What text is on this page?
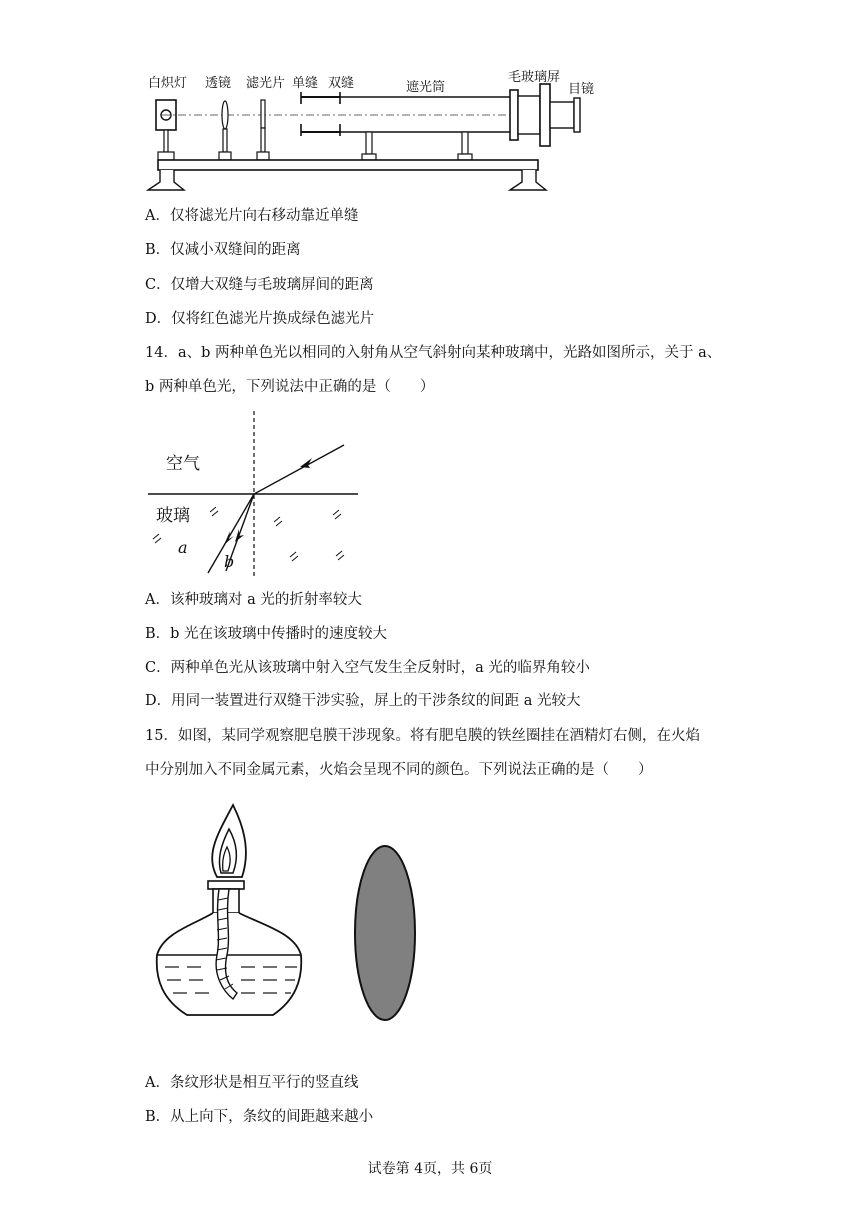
白炽灯 透镜 滤光片 单缝 双缝	遮光筒
毛玻璃屏
目镜
A．仅将滤光片向右移动靠近单缝
B．仅减小双缝间的距离
C．仅增大双缝与毛玻璃屏间的距离
D．仅将红色滤光片换成绿色滤光片
14．a、b 两种单色光以相同的入射角从空气斜射向某种玻璃中，光路如图所示，关于 a、
b 两种单色光，下列说法中正确的是（　　）
空气
玻璃
a
b
A．该种玻璃对 a 光的折射率较大
B．b 光在该玻璃中传播时的速度较大
C．两种单色光从该玻璃中射入空气发生全反射时，a 光的临界角较小
D．用同一装置进行双缝干涉实验，屏上的干涉条纹的间距 a 光较大
15．如图，某同学观察肥皂膜干涉现象。将有肥皂膜的铁丝圈挂在酒精灯右侧，在火焰
中分别加入不同金属元素，火焰会呈现不同的颜色。下列说法正确的是（　　）
A．条纹形状是相互平行的竖直线
B．从上向下，条纹的间距越来越小
试卷第 4页，共 6页
